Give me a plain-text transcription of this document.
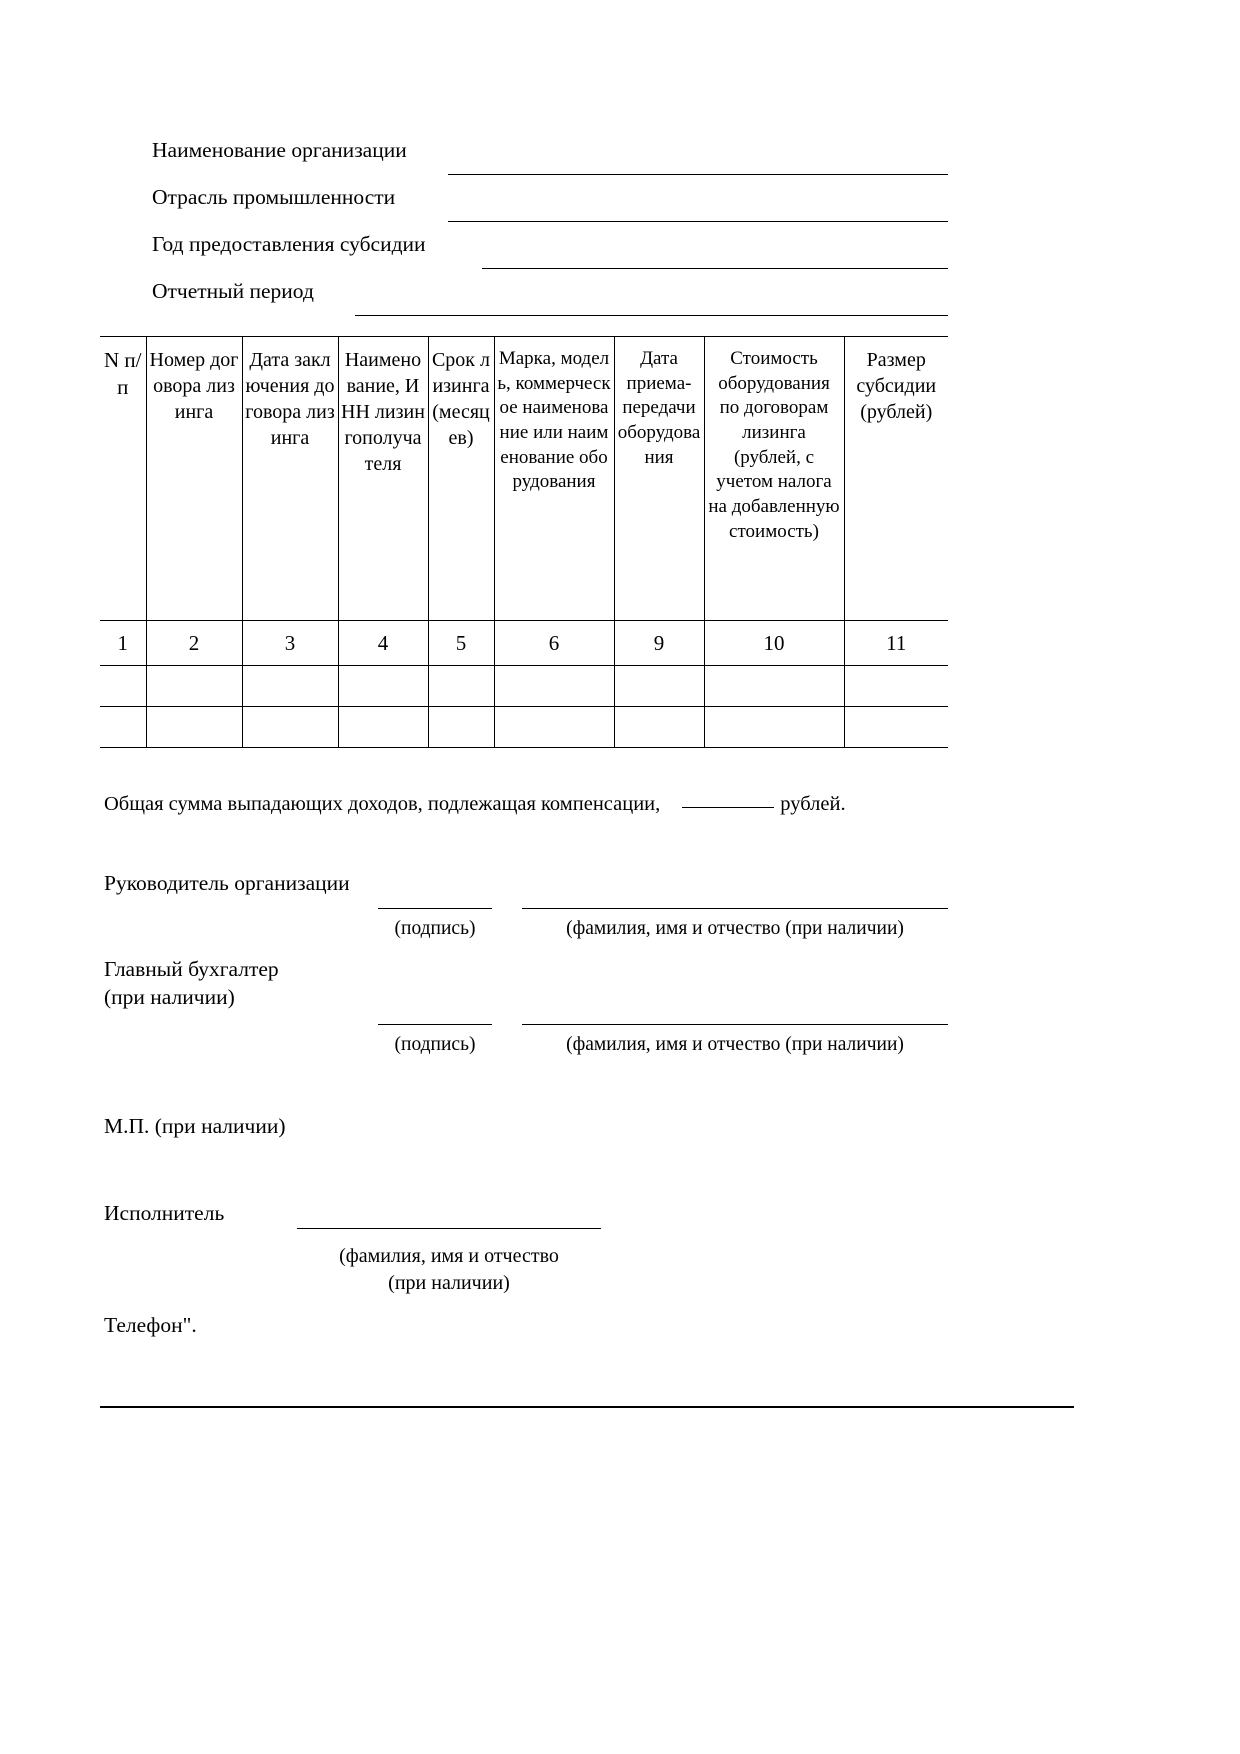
Наименование организации
Отрасль промышленности
Год предоставления субсидии
Отчетный период
N п/п	Номер договора лизинга	Дата заключения договора лизинга	Наименование, ИНН лизингополучателя	Срок лизинга (месяцев)	Марка, модель, коммерческое наименование или наименование оборудования	Дата приема-передачи оборудования	Стоимость оборудования по договорам лизинга (рублей, с учетом налога на добавленную стоимость)	Размер субсидии (рублей)

1	2	3	4	5	6	9	10	11

Общая сумма выпадающих доходов, подлежащая компенсации,	рублей.
Руководитель организации
(подпись)	(фамилия, имя и отчество (при наличии)
Главный бухгалтер
(при наличии)
(подпись)	(фамилия, имя и отчество (при наличии)
М.П. (при наличии)
Исполнитель
(фамилия, имя и отчество
(при наличии)
Телефон".
